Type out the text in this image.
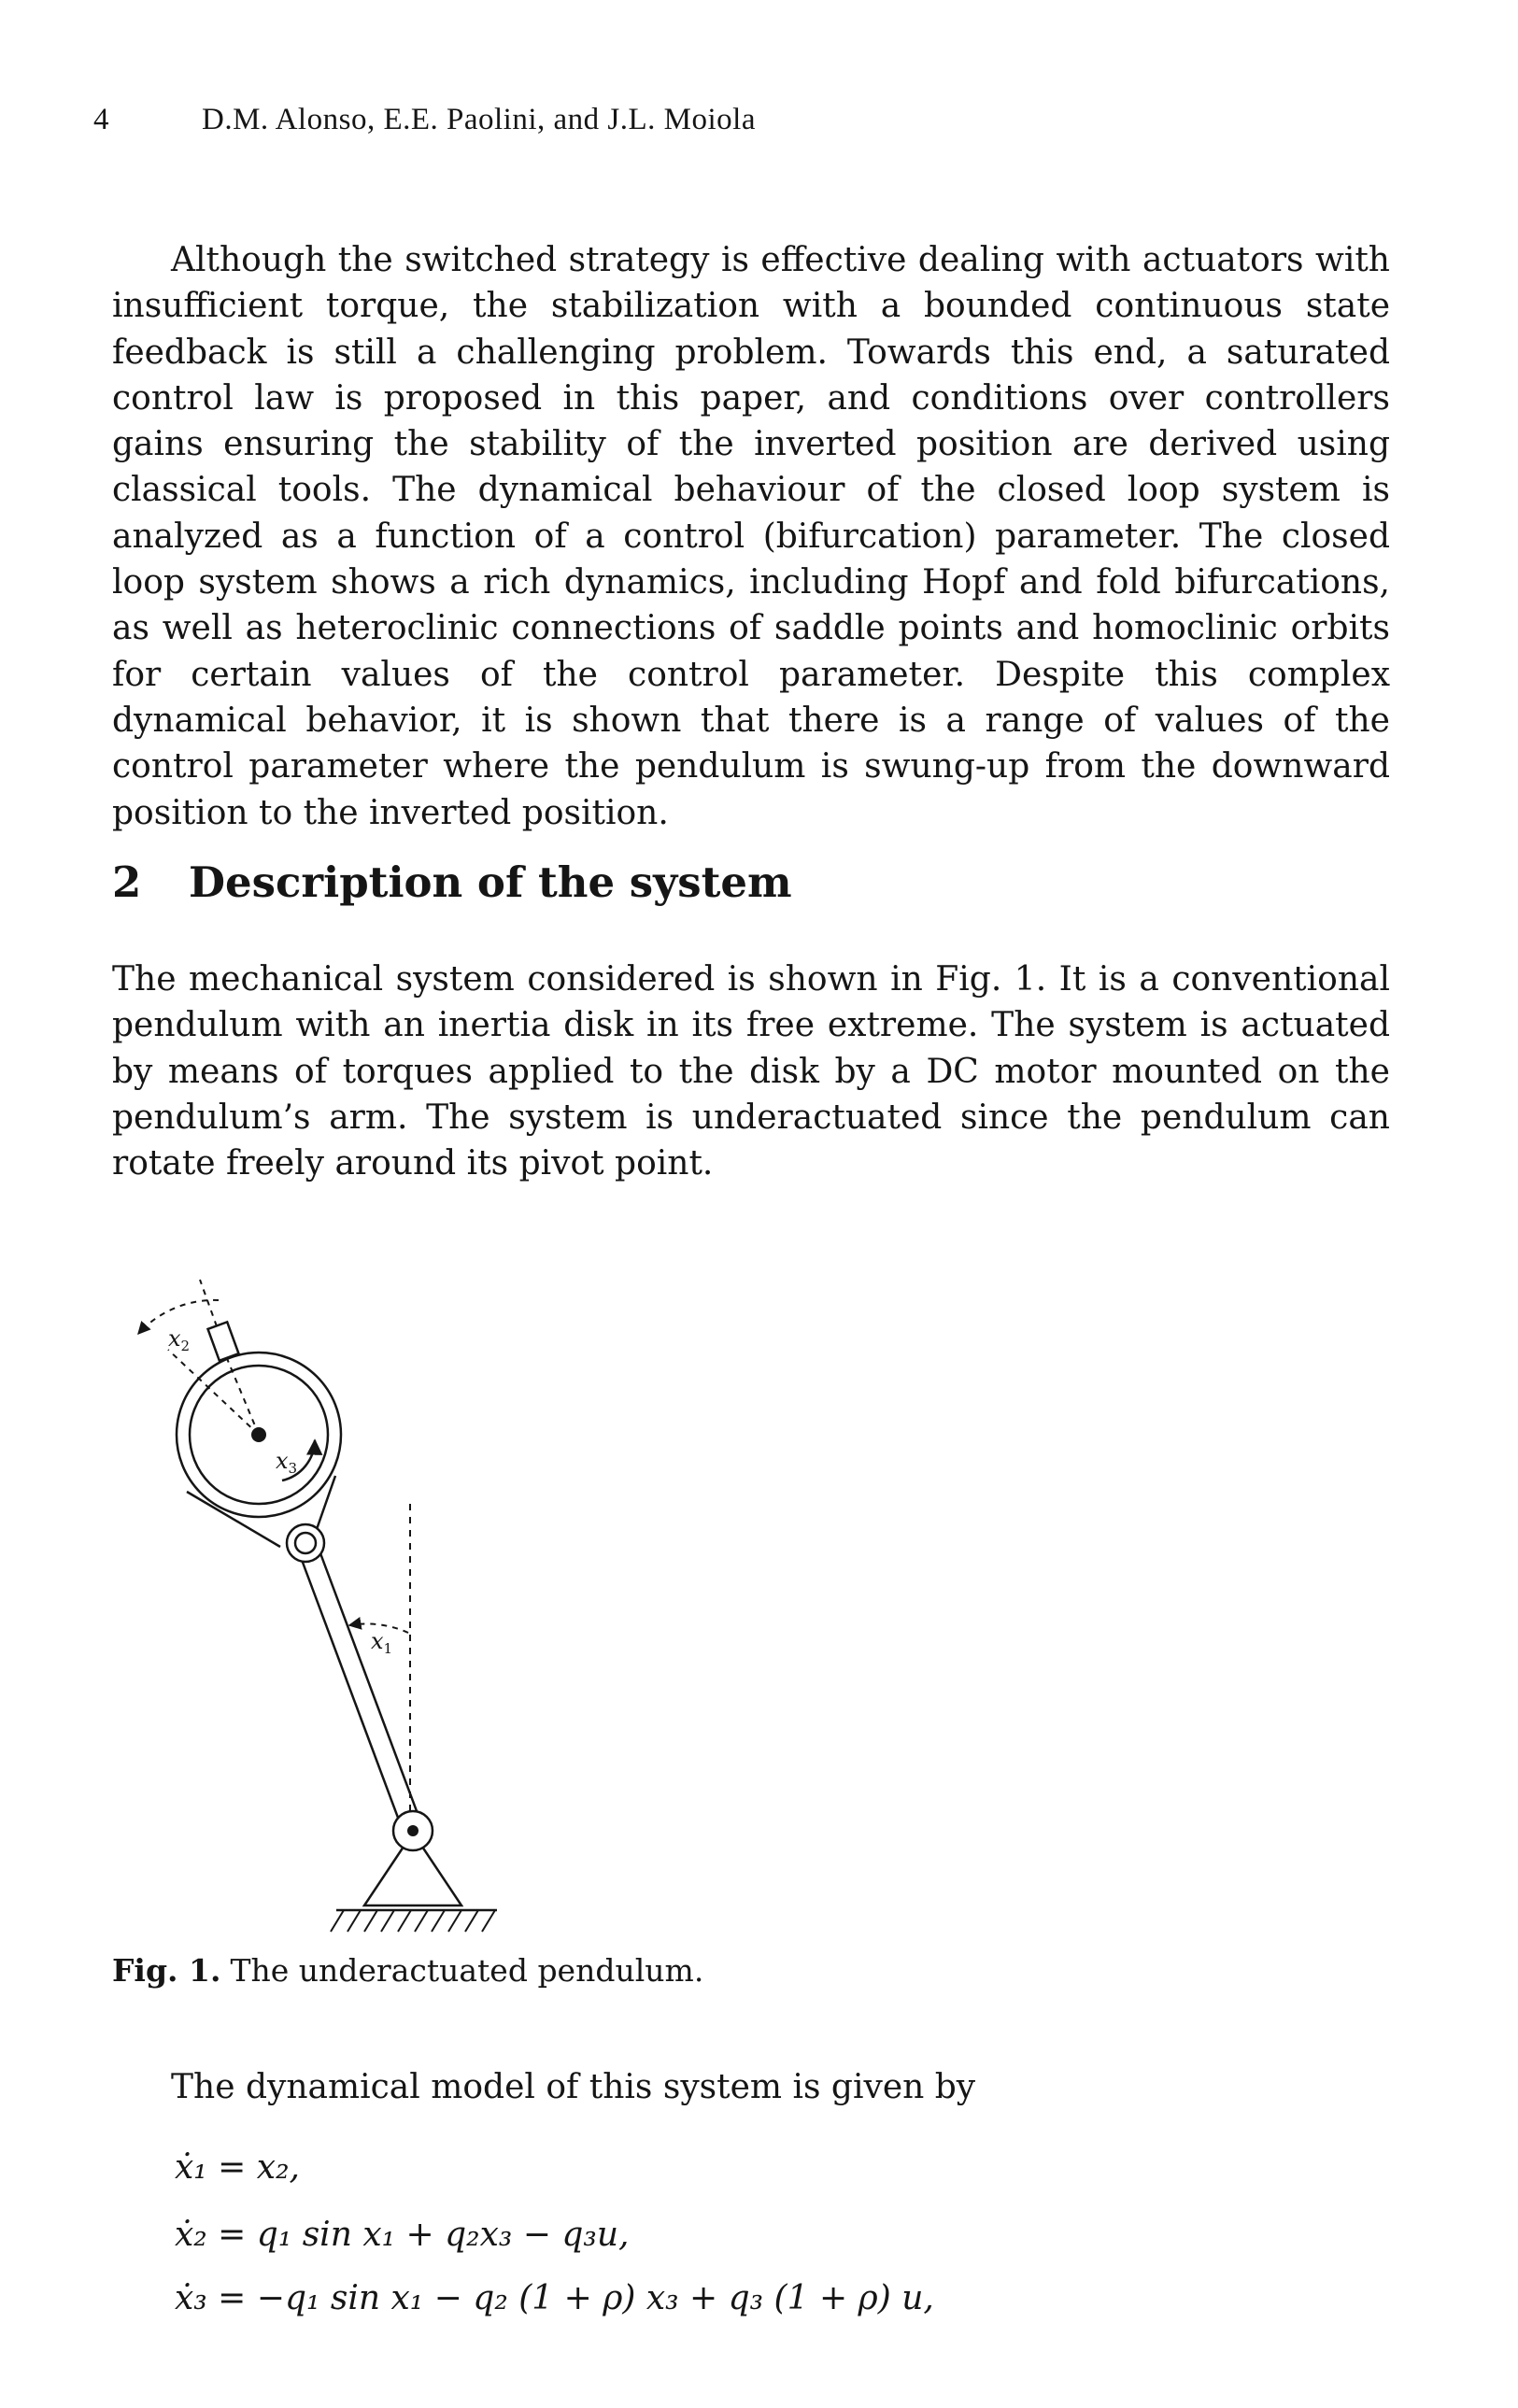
4	D.M. Alonso, E.E. Paolini, and J.L. Moiola

Although the switched strategy is effective dealing with actuators with insufficient torque, the stabilization with a bounded continuous state feedback is still a challenging problem. Towards this end, a saturated control law is proposed in this paper, and conditions over controllers gains ensuring the stability of the inverted position are derived using classical tools. The dynamical behaviour of the closed loop system is analyzed as a function of a control (bifurcation) parameter. The closed loop system shows a rich dynamics, including Hopf and fold bifurcations, as well as heteroclinic connections of saddle points and homoclinic orbits for certain values of the control parameter. Despite this complex dynamical behavior, it is shown that there is a range of values of the control parameter where the pendulum is swung-up from the downward position to the inverted position.

2 Description of the system

The mechanical system considered is shown in Fig. 1. It is a conventional pendulum with an inertia disk in its free extreme. The system is actuated by means of torques applied to the disk by a DC motor mounted on the pendulum’s arm. The system is underactuated since the pendulum can rotate freely around its pivot point.

$x_2$
$x_3$
$x_1$
Fig. 1. The underactuated pendulum.

The dynamical model of this system is given by

ẋ₁ = x₂,
ẋ₂ = q₁ sin x₁ + q₂x₃ − q₃u,
ẋ₃ = −q₁ sin x₁ − q₂ (1 + ρ) x₃ + q₃ (1 + ρ) u,
